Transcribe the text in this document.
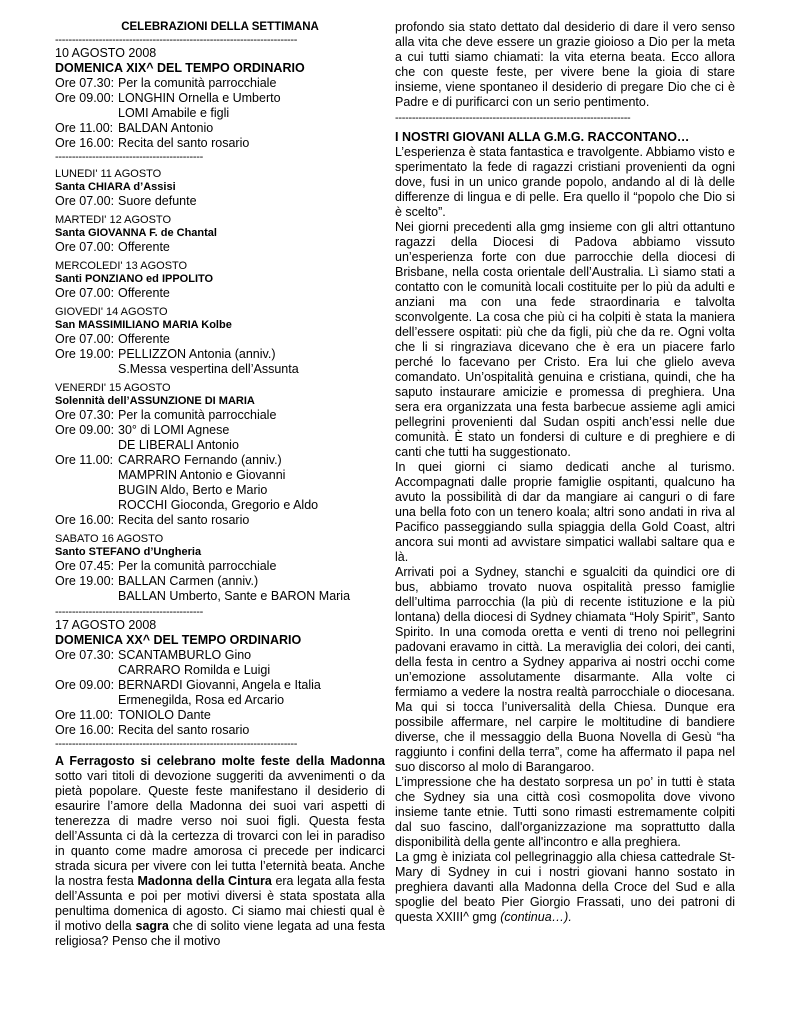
CELEBRAZIONI DELLA SETTIMANA
------------------------------------------------------------------------
10 AGOSTO 2008
DOMENICA XIX^ DEL TEMPO ORDINARIO
Ore 07.30: Per la comunità parrocchiale
Ore 09.00: LONGHIN Ornella e Umberto
LOMI Amabile e figli
Ore 11.00: BALDAN Antonio
Ore 16.00: Recita del santo rosario
--------------------------------------------
LUNEDI' 11 AGOSTO
Santa CHIARA d’Assisi
Ore 07.00: Suore defunte
MARTEDI' 12 AGOSTO
Santa GIOVANNA F. de Chantal
Ore 07.00: Offerente
MERCOLEDI' 13 AGOSTO
Santi PONZIANO ed IPPOLITO
Ore 07.00: Offerente
GIOVEDI' 14 AGOSTO
San MASSIMILIANO MARIA Kolbe
Ore 07.00: Offerente
Ore 19.00: PELLIZZON Antonia (anniv.)
S.Messa vespertina dell’Assunta
VENERDI' 15 AGOSTO
Solennità dell’ASSUNZIONE DI MARIA
Ore 07.30: Per la comunità parrocchiale
Ore 09.00: 30° di LOMI Agnese
DE LIBERALI Antonio
Ore 11.00: CARRARO Fernando (anniv.)
MAMPRIN Antonio e Giovanni
BUGIN Aldo, Berto e Mario
ROCCHI Gioconda, Gregorio e Aldo
Ore 16.00: Recita del santo rosario
SABATO 16 AGOSTO
Santo STEFANO d’Ungheria
Ore 07.45: Per la comunità parrocchiale
Ore 19.00: BALLAN Carmen (anniv.)
BALLAN Umberto, Sante e BARON Maria
--------------------------------------------
17 AGOSTO 2008
DOMENICA XX^ DEL TEMPO ORDINARIO
Ore 07.30: SCANTAMBURLO Gino
CARRARO Romilda e Luigi
Ore 09.00: BERNARDI Giovanni, Angela e Italia
Ermenegilda, Rosa ed Arcario
Ore 11.00: TONIOLO Dante
Ore 16.00: Recita del santo rosario
------------------------------------------------------------------------

A Ferragosto si celebrano molte feste della Madonna sotto vari titoli di devozione suggeriti da avvenimenti o da pietà popolare. Queste feste manifestano il desiderio di esaurire l’amore della Madonna dei suoi vari aspetti di tenerezza di madre verso noi suoi figli. Questa festa dell’Assunta ci dà la certezza di trovarci con lei in paradiso in quanto come madre amorosa ci precede per indicarci strada sicura per vivere con lei tutta l’eternità beata. Anche la nostra festa Madonna della Cintura era legata alla festa dell’Assunta e poi per motivi diversi è stata spostata alla penultima domenica di agosto. Ci siamo mai chiesti qual è il motivo della sagra che di solito viene legata ad una festa religiosa? Penso che il motivo

profondo sia stato dettato dal desiderio di dare il vero senso alla vita che deve essere un grazie gioioso a Dio per la meta a cui tutti siamo chiamati: la vita eterna beata. Ecco allora che con queste feste, per vivere bene la gioia di stare insieme, viene spontaneo il desiderio di pregare Dio che ci è Padre e di purificarci con un serio pentimento.

----------------------------------------------------------------------
I NOSTRI GIOVANI ALLA G.M.G. RACCONTANO…

L’esperienza è stata fantastica e travolgente. Abbiamo visto e sperimentato la fede di ragazzi cristiani provenienti da ogni dove, fusi in un unico grande popolo, andando al di là delle differenze di lingua e di pelle. Era quello il “popolo che Dio si è scelto”.

Nei giorni precedenti alla gmg insieme con gli altri ottantuno ragazzi della Diocesi di Padova abbiamo vissuto un’esperienza forte con due parrocchie della diocesi di Brisbane, nella costa orientale dell’Australia. Lì siamo stati a contatto con le comunità locali costituite per lo più da adulti e anziani ma con una fede straordinaria e talvolta sconvolgente. La cosa che più ci ha colpiti è stata la maniera dell’essere ospitati: più che da figli, più che da re. Ogni volta che li si ringraziava dicevano che è era un piacere farlo perché lo facevano per Cristo. Era lui che glielo aveva comandato. Un’ospitalità genuina e cristiana, quindi, che ha saputo instaurare amicizie e promessa di preghiera. Una sera era organizzata una festa barbecue assieme agli amici pellegrini provenienti dal Sudan ospiti anch’essi nelle due comunità. È stato un fondersi di culture e di preghiere e di canti che tutti ha suggestionato.

In quei giorni ci siamo dedicati anche al turismo. Accompagnati dalle proprie famiglie ospitanti, qualcuno ha avuto la possibilità di dar da mangiare ai canguri o di fare una bella foto con un tenero koala; altri sono andati in riva al Pacifico passeggiando sulla spiaggia della Gold Coast, altri ancora sui monti ad avvistare simpatici wallabi saltare qua e là.

Arrivati poi a Sydney, stanchi e sgualciti da quindici ore di bus, abbiamo trovato nuova ospitalità presso famiglie dell’ultima parrocchia (la più di recente istituzione e la più lontana) della diocesi di Sydney chiamata “Holy Spirit”, Santo Spirito. In una comoda oretta e venti di treno noi pellegrini padovani eravamo in città. La meraviglia dei colori, dei canti, della festa in centro a Sydney appariva ai nostri occhi come un’emozione assolutamente disarmante. Alla volte ci fermiamo a vedere la nostra realtà parrocchiale o diocesana. Ma qui si tocca l’universalità della Chiesa. Dunque era possibile affermare, nel carpire le moltitudine di bandiere diverse, che il messaggio della Buona Novella di Gesù “ha raggiunto i confini della terra”, come ha affermato il papa nel suo discorso al molo di Barangaroo.

L’impressione che ha destato sorpresa un po’ in tutti è stata che Sydney sia una città così cosmopolita dove vivono insieme tante etnie. Tutti sono rimasti estremamente colpiti dal suo fascino, dall'organizzazione ma soprattutto dalla disponibilità della gente all'incontro e alla preghiera.

La gmg è iniziata col pellegrinaggio alla chiesa cattedrale St-Mary di Sydney in cui i nostri giovani hanno sostato in preghiera davanti alla Madonna della Croce del Sud e alla spoglie del beato Pier Giorgio Frassati, uno dei patroni di questa XXIII^ gmg (continua…).
